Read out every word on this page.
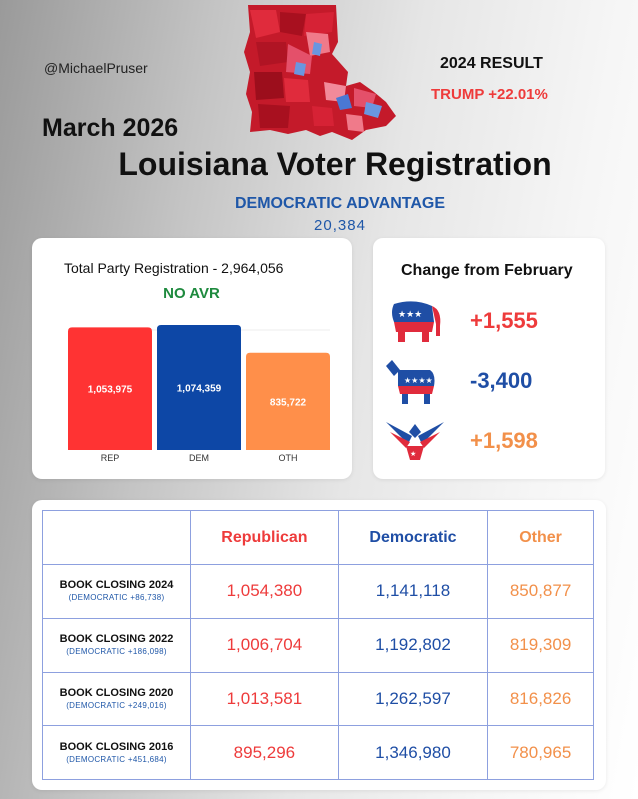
@MichaelPruser	2024 RESULT
TRUMP +22.01%
March 2026
Louisiana Voter Registration
DEMOCRATIC ADVANTAGE
20,384
Total Party Registration - 2,964,056
NO AVR
1,053,975
REP
1,074,359
DEM
835,722
OTH
Change from February
★★★ +1,555
★★★★ -3,400
★
+1,598
	Republican	Democratic	Other

BOOK CLOSING 2024
(DEMOCRATIC +86,738)	1,054,380	1,141,118	850,877

BOOK CLOSING 2022
(DEMOCRATIC +186,098)	1,006,704	1,192,802	819,309

BOOK CLOSING 2020
(DEMOCRATIC +249,016)	1,013,581	1,262,597	816,826

BOOK CLOSING 2016
(DEMOCRATIC +451,684)	895,296	1,346,980	780,965
